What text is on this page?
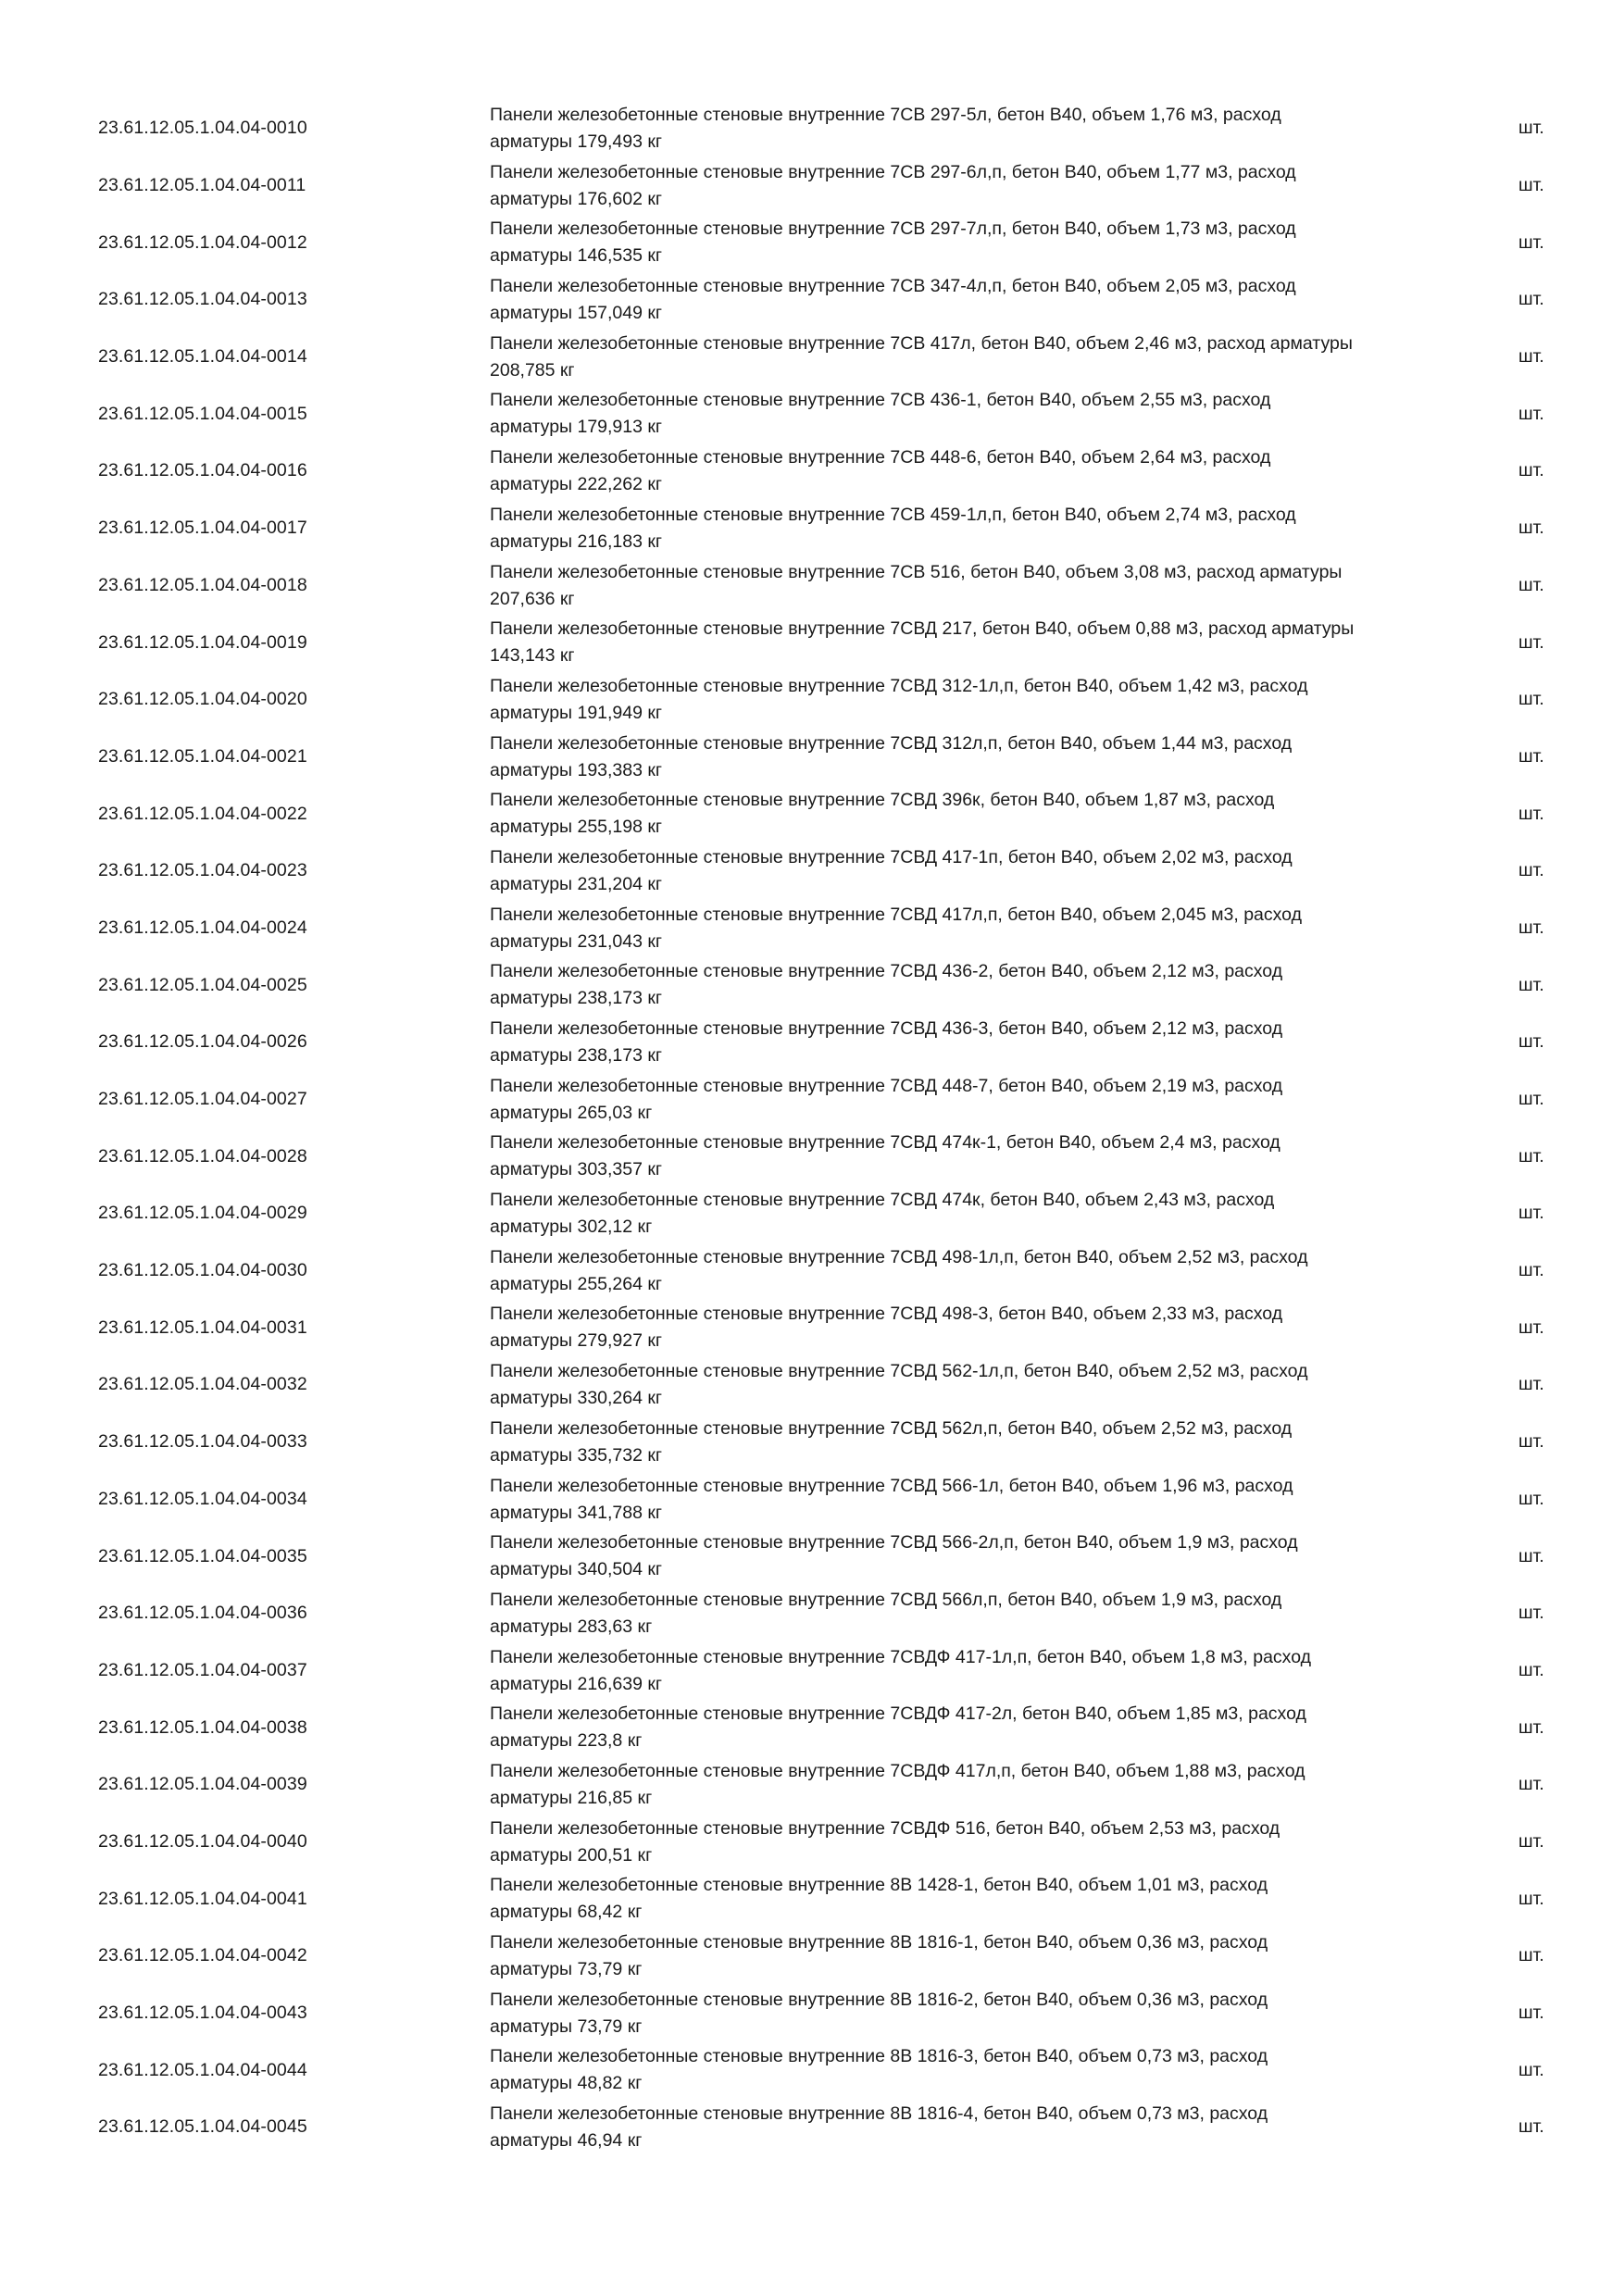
23.61.12.05.1.04.04-0010
Панели железобетонные стеновые внутренние 7СВ 297-5л, бетон В40, объем 1,76 м3, расход
арматуры 179,493 кг
шт.
23.61.12.05.1.04.04-0011
Панели железобетонные стеновые внутренние 7СВ 297-6л,п, бетон В40, объем 1,77 м3, расход
арматуры 176,602 кг
шт.
23.61.12.05.1.04.04-0012
Панели железобетонные стеновые внутренние 7СВ 297-7л,п, бетон В40, объем 1,73 м3, расход
арматуры 146,535 кг
шт.
23.61.12.05.1.04.04-0013
Панели железобетонные стеновые внутренние 7СВ 347-4л,п, бетон В40, объем 2,05 м3, расход
арматуры 157,049 кг
шт.
23.61.12.05.1.04.04-0014
Панели железобетонные стеновые внутренние 7СВ 417л, бетон В40, объем 2,46 м3, расход арматуры
208,785 кг
шт.
23.61.12.05.1.04.04-0015
Панели железобетонные стеновые внутренние 7СВ 436-1, бетон В40, объем 2,55 м3, расход
арматуры 179,913 кг
шт.
23.61.12.05.1.04.04-0016
Панели железобетонные стеновые внутренние 7СВ 448-6, бетон В40, объем 2,64 м3, расход
арматуры 222,262 кг
шт.
23.61.12.05.1.04.04-0017
Панели железобетонные стеновые внутренние 7СВ 459-1л,п, бетон В40, объем 2,74 м3, расход
арматуры 216,183 кг
шт.
23.61.12.05.1.04.04-0018
Панели железобетонные стеновые внутренние 7СВ 516, бетон В40, объем 3,08 м3, расход арматуры
207,636 кг
шт.
23.61.12.05.1.04.04-0019
Панели железобетонные стеновые внутренние 7СВД 217, бетон В40, объем 0,88 м3, расход арматуры
143,143 кг
шт.
23.61.12.05.1.04.04-0020
Панели железобетонные стеновые внутренние 7СВД 312-1л,п, бетон В40, объем 1,42 м3, расход
арматуры 191,949 кг
шт.
23.61.12.05.1.04.04-0021
Панели железобетонные стеновые внутренние 7СВД 312л,п, бетон В40, объем 1,44 м3, расход
арматуры 193,383 кг
шт.
23.61.12.05.1.04.04-0022
Панели железобетонные стеновые внутренние 7СВД 396к, бетон В40, объем 1,87 м3, расход
арматуры 255,198 кг
шт.
23.61.12.05.1.04.04-0023
Панели железобетонные стеновые внутренние 7СВД 417-1п, бетон В40, объем 2,02 м3, расход
арматуры 231,204 кг
шт.
23.61.12.05.1.04.04-0024
Панели железобетонные стеновые внутренние 7СВД 417л,п, бетон В40, объем 2,045 м3, расход
арматуры 231,043 кг
шт.
23.61.12.05.1.04.04-0025
Панели железобетонные стеновые внутренние 7СВД 436-2, бетон В40, объем 2,12 м3, расход
арматуры 238,173 кг
шт.
23.61.12.05.1.04.04-0026
Панели железобетонные стеновые внутренние 7СВД 436-3, бетон В40, объем 2,12 м3, расход
арматуры 238,173 кг
шт.
23.61.12.05.1.04.04-0027
Панели железобетонные стеновые внутренние 7СВД 448-7, бетон В40, объем 2,19 м3, расход
арматуры 265,03 кг
шт.
23.61.12.05.1.04.04-0028
Панели железобетонные стеновые внутренние 7СВД 474к-1, бетон В40, объем 2,4 м3, расход
арматуры 303,357 кг
шт.
23.61.12.05.1.04.04-0029
Панели железобетонные стеновые внутренние 7СВД 474к, бетон В40, объем 2,43 м3, расход
арматуры 302,12 кг
шт.
23.61.12.05.1.04.04-0030
Панели железобетонные стеновые внутренние 7СВД 498-1л,п, бетон В40, объем 2,52 м3, расход
арматуры 255,264 кг
шт.
23.61.12.05.1.04.04-0031
Панели железобетонные стеновые внутренние 7СВД 498-3, бетон В40, объем 2,33 м3, расход
арматуры 279,927 кг
шт.
23.61.12.05.1.04.04-0032
Панели железобетонные стеновые внутренние 7СВД 562-1л,п, бетон В40, объем 2,52 м3, расход
арматуры 330,264 кг
шт.
23.61.12.05.1.04.04-0033
Панели железобетонные стеновые внутренние 7СВД 562л,п, бетон В40, объем 2,52 м3, расход
арматуры 335,732 кг
шт.
23.61.12.05.1.04.04-0034
Панели железобетонные стеновые внутренние 7СВД 566-1л, бетон В40, объем 1,96 м3, расход
арматуры 341,788 кг
шт.
23.61.12.05.1.04.04-0035
Панели железобетонные стеновые внутренние 7СВД 566-2л,п, бетон В40, объем 1,9 м3, расход
арматуры 340,504 кг
шт.
23.61.12.05.1.04.04-0036
Панели железобетонные стеновые внутренние 7СВД 566л,п, бетон В40, объем 1,9 м3, расход
арматуры 283,63 кг
шт.
23.61.12.05.1.04.04-0037
Панели железобетонные стеновые внутренние 7СВДФ 417-1л,п, бетон В40, объем 1,8 м3, расход
арматуры 216,639 кг
шт.
23.61.12.05.1.04.04-0038
Панели железобетонные стеновые внутренние 7СВДФ 417-2л, бетон В40, объем 1,85 м3, расход
арматуры 223,8 кг
шт.
23.61.12.05.1.04.04-0039
Панели железобетонные стеновые внутренние 7СВДФ 417л,п, бетон В40, объем 1,88 м3, расход
арматуры 216,85 кг
шт.
23.61.12.05.1.04.04-0040
Панели железобетонные стеновые внутренние 7СВДФ 516, бетон В40, объем 2,53 м3, расход
арматуры 200,51 кг
шт.
23.61.12.05.1.04.04-0041
Панели железобетонные стеновые внутренние 8В 1428-1, бетон В40, объем 1,01 м3, расход
арматуры 68,42 кг
шт.
23.61.12.05.1.04.04-0042
Панели железобетонные стеновые внутренние 8В 1816-1, бетон В40, объем 0,36 м3, расход
арматуры 73,79 кг
шт.
23.61.12.05.1.04.04-0043
Панели железобетонные стеновые внутренние 8В 1816-2, бетон В40, объем 0,36 м3, расход
арматуры 73,79 кг
шт.
23.61.12.05.1.04.04-0044
Панели железобетонные стеновые внутренние 8В 1816-3, бетон В40, объем 0,73 м3, расход
арматуры 48,82 кг
шт.
23.61.12.05.1.04.04-0045
Панели железобетонные стеновые внутренние 8В 1816-4, бетон В40, объем 0,73 м3, расход
арматуры 46,94 кг
шт.
